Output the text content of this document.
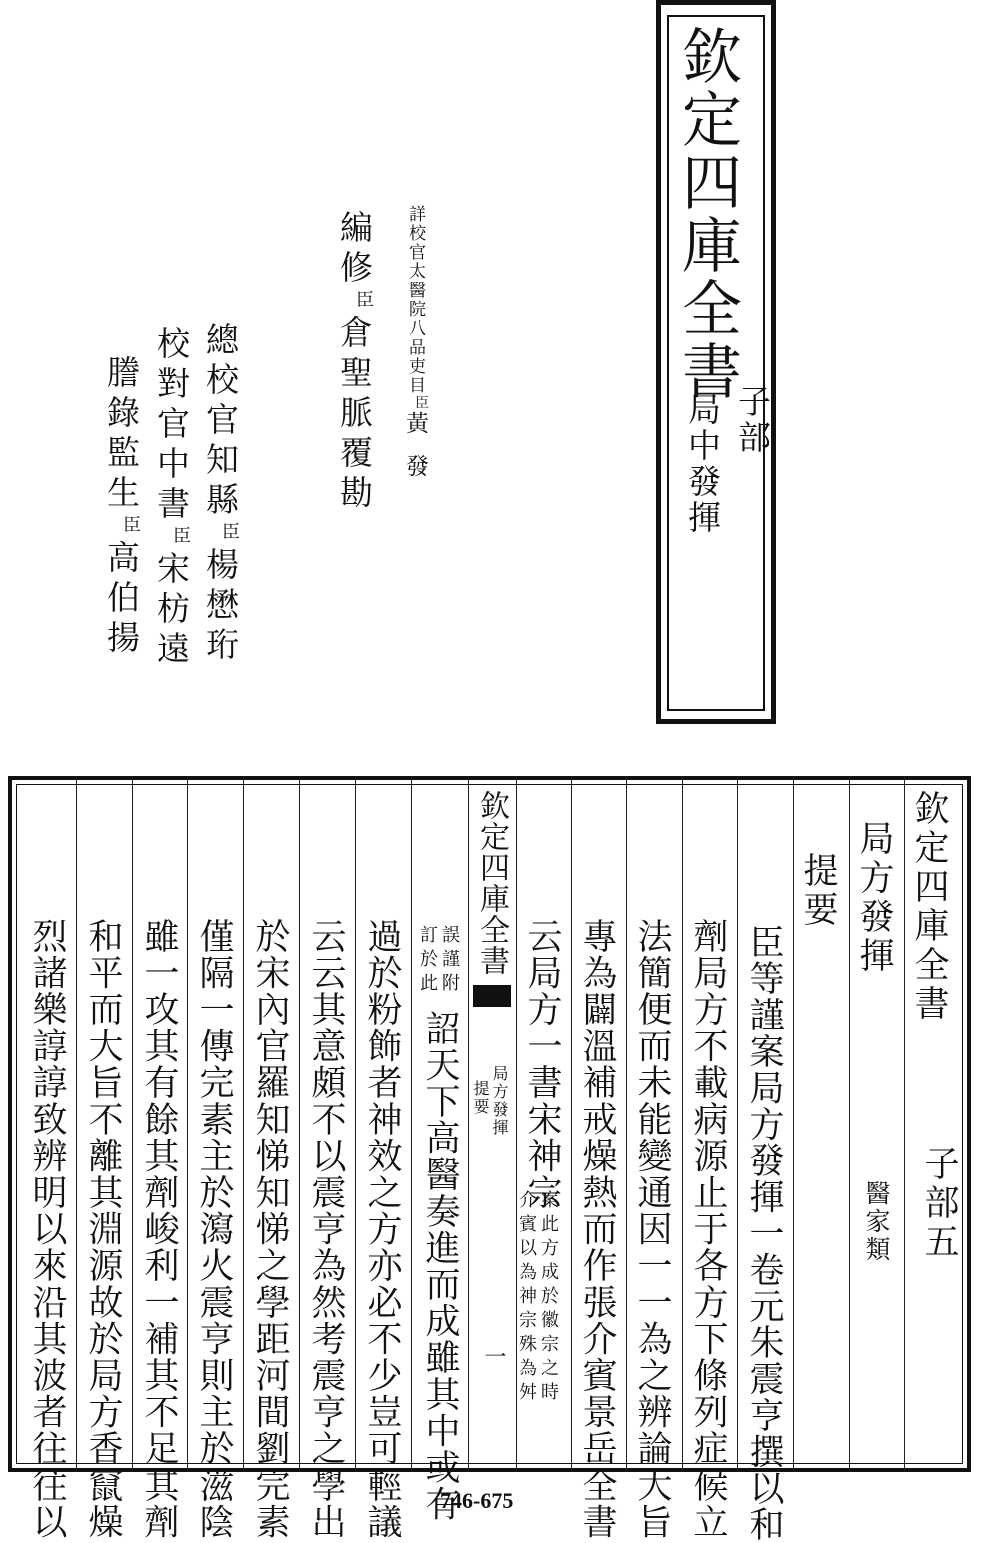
欽定四庫全書
子部
局中發揮
詳校官太醫院八品吏目臣黃發
編修臣倉聖脈覆勘
總校官知縣臣楊懋珩
校對官中書臣宋枋遠
謄錄監生臣高伯揚
欽定四庫全書
子部五
局方發揮
醫家類
提要
臣等謹案局方發揮一卷元朱震亨撰以和
劑局方不載病源止于各方下條列症候立
法簡便而未能變通因一一為之辨論大旨
專為闢溫補戒燥熱而作張介賓景岳全書
云局方一書宋神宗
案此方成於徽宗之時
介賓以為神宗殊為舛
欽定四庫全書
局方發揮
提要
一
誤謹附
訂於此
詔天下高醫奏進而成雖其中或有
過於粉飾者神效之方亦必不少豈可輕議
云云其意頗不以震亨為然考震亨之學出
於宋內官羅知悌知悌之學距河間劉完素
僅隔一傳完素主於瀉火震亨則主於滋陰
雖一攻其有餘其劑峻利一補其不足其劑
和平而大旨不離其淵源故於局方香竄燥
烈諸樂諄諄致辨明以來沿其波者往往以	746-675
